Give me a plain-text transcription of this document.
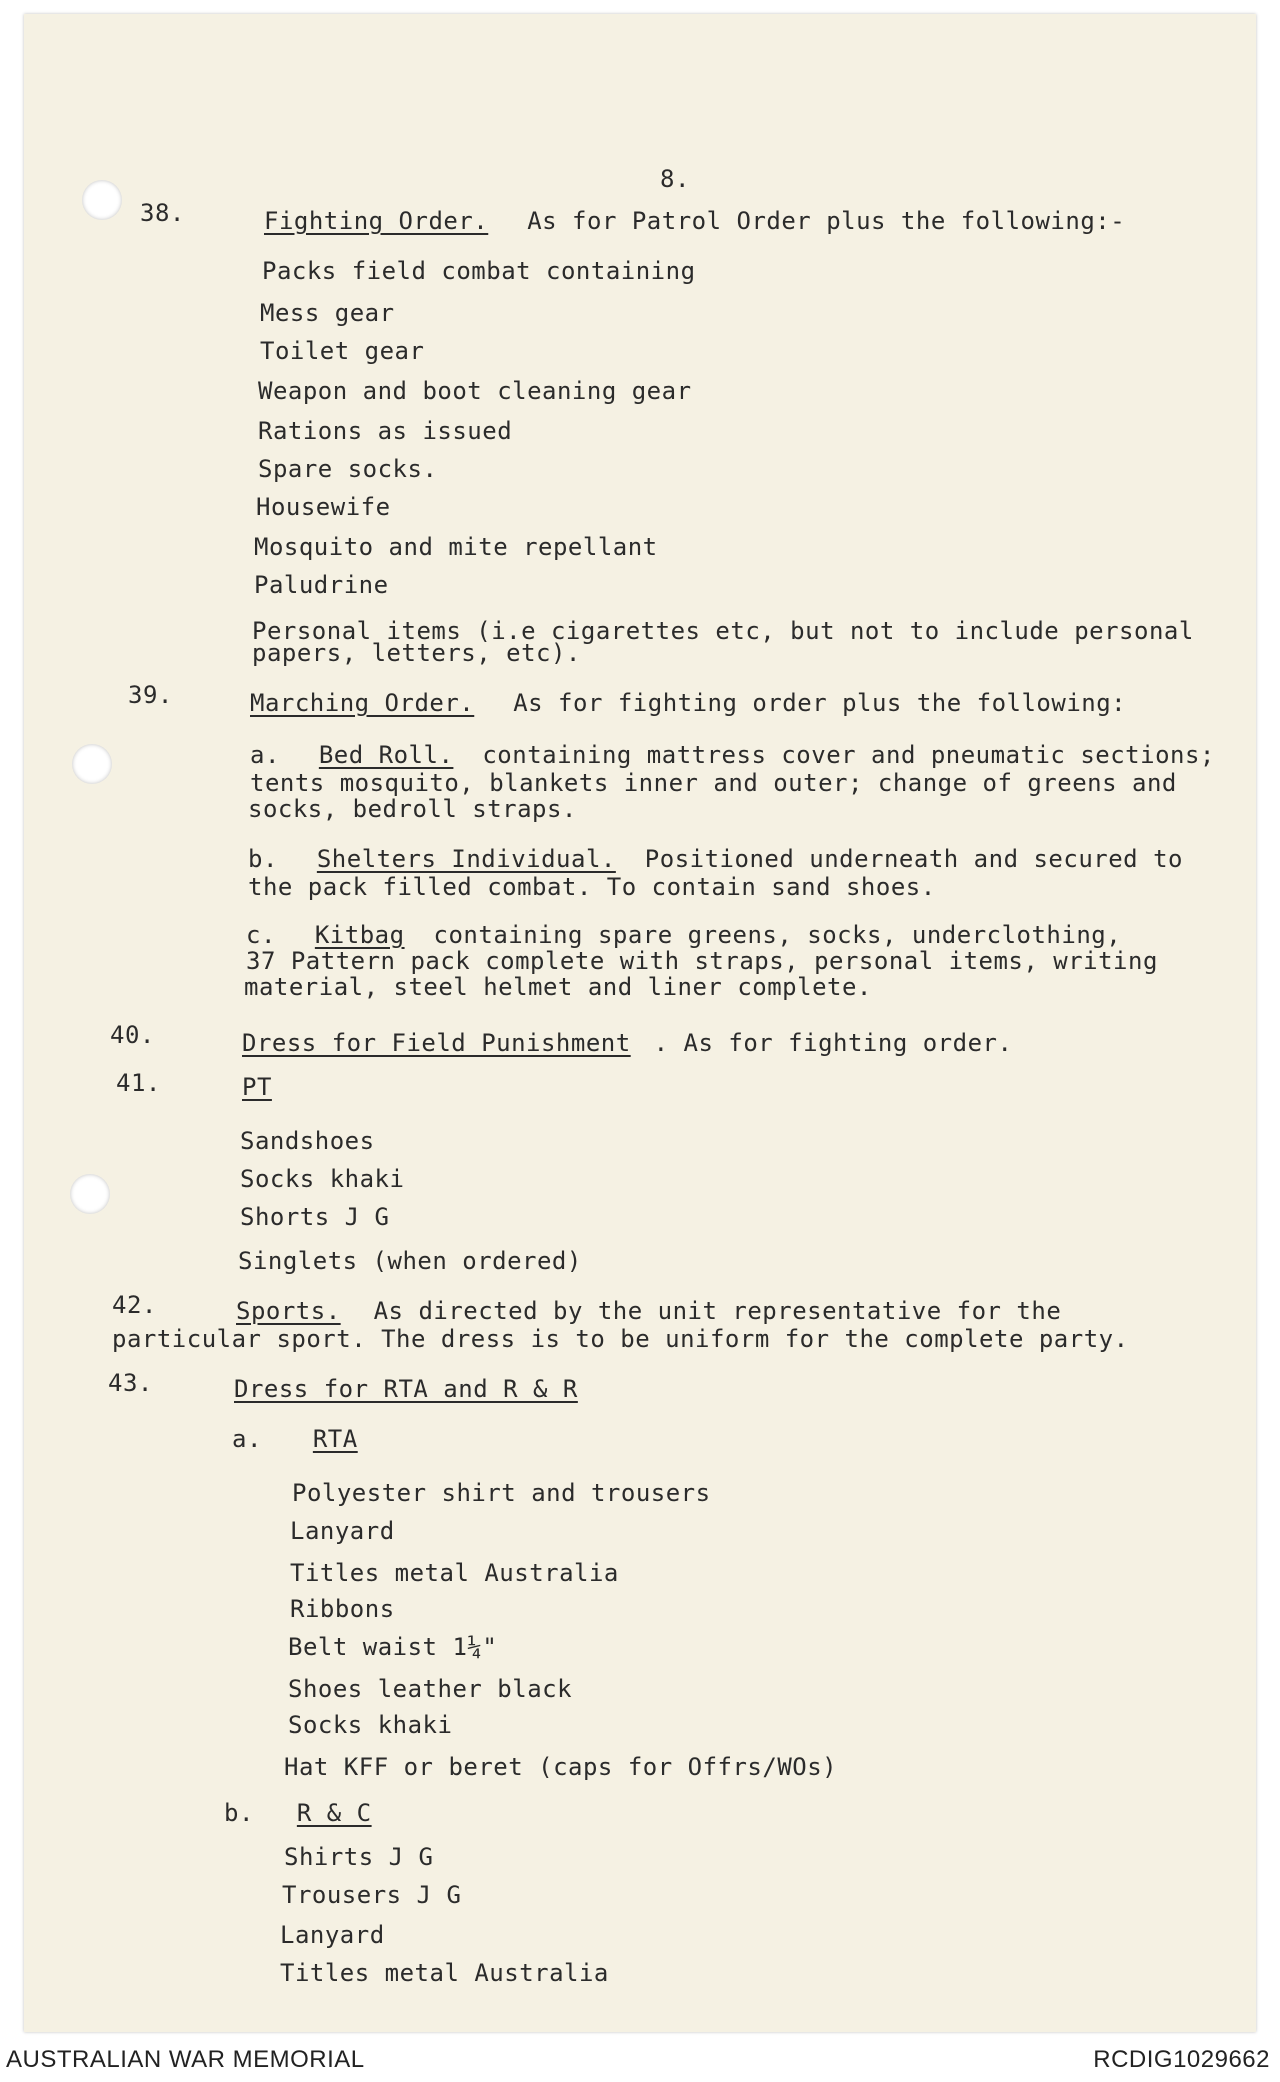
8.
38.	Fighting Order. As for Patrol Order plus the following:-
Packs field combat containing
Mess gear
Toilet gear
Weapon and boot cleaning gear
Rations as issued
Spare socks.
Housewife
Mosquito and mite repellant
Paludrine
Personal items (i.e cigarettes etc, but not to include personal
papers, letters, etc).
39.	Marching Order. As for fighting order plus the following:
a. Bed Roll. containing mattress cover and pneumatic sections;
tents mosquito, blankets inner and outer; change of greens and
socks, bedroll straps.
b. Shelters Individual. Positioned underneath and secured to
the pack filled combat. To contain sand shoes.
c. Kitbag containing spare greens, socks, underclothing,
37 Pattern pack complete with straps, personal items, writing
material, steel helmet and liner complete.
40.	Dress for Field Punishment . As for fighting order.
41.	PT
Sandshoes
Socks khaki
Shorts J G
Singlets (when ordered)
42.	Sports. As directed by the unit representative for the
particular sport. The dress is to be uniform for the complete party.
43.	Dress for RTA and R & R
a. RTA
Polyester shirt and trousers
Lanyard
Titles metal Australia
Ribbons
Belt waist 1¼"
Shoes leather black
Socks khaki
Hat KFF or beret (caps for Offrs/WOs)
b. R & C
Shirts J G
Trousers J G
Lanyard
Titles metal Australia
AUSTRALIAN WAR MEMORIAL	RCDIG1029662
